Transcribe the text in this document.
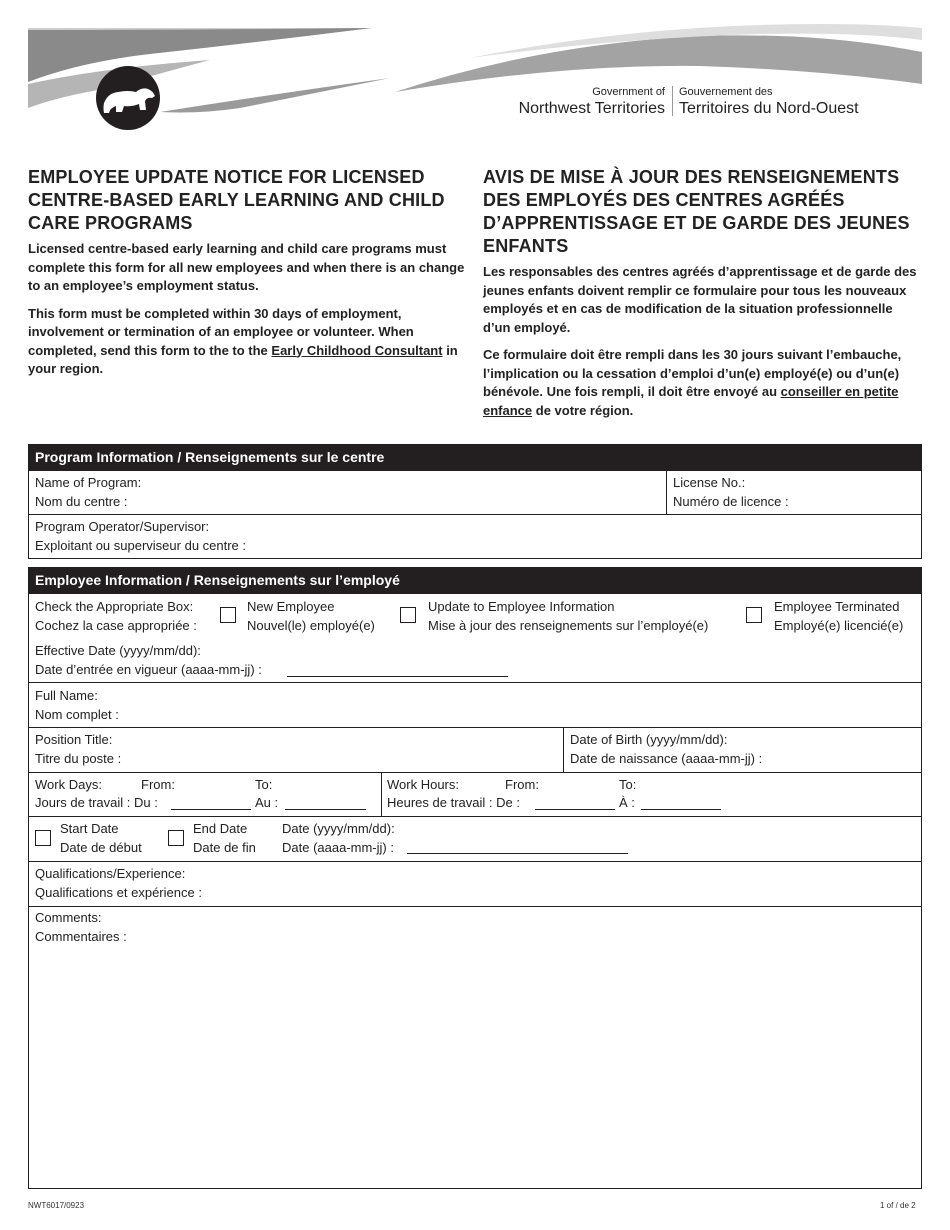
Government of
Northwest Territories
Gouvernement des
Territoires du Nord-Ouest
EMPLOYEE UPDATE NOTICE FOR LICENSED CENTRE-BASED EARLY LEARNING AND CHILD CARE PROGRAMS
AVIS DE MISE À JOUR DES RENSEIGNEMENTS DES EMPLOYÉS DES CENTRES AGRÉÉS D’APPRENTISSAGE ET DE GARDE DES JEUNES ENFANTS

Licensed centre-based early learning and child care programs must complete this form for all new employees and when there is an change to an employee’s employment status.

This form must be completed within 30 days of employment, involvement or termination of an employee or volunteer. When completed, send this form to the to the Early Childhood Consultant in your region.

Les responsables des centres agréés d’apprentissage et de garde des jeunes enfants doivent remplir ce formulaire pour tous les nouveaux employés et en cas de modification de la situation professionnelle d’un employé.

Ce formulaire doit être rempli dans les 30 jours suivant l’embauche, l’implication ou la cessation d’emploi d’un(e) employé(e) ou d’un(e) bénévole. Une fois rempli, il doit être envoyé au conseiller en petite enfance de votre région.

Program Information / Renseignements sur le centre
Name of Program:
Nom du centre :
License No.:
Numéro de licence :
Program Operator/Supervisor:
Exploitant ou superviseur du centre :
Employee Information / Renseignements sur l’employé
Check the Appropriate Box:
Cochez la case appropriée :
New Employee
Nouvel(le) employé(e)
Update to Employee Information
Mise à jour des renseignements sur l’employé(e)
Employee Terminated
Employé(e) licencié(e)
Effective Date (yyyy/mm/dd):
Date d’entrée en vigueur (aaaa-mm-jj) :
Full Name:
Nom complet :
Position Title:
Titre du poste :
Date of Birth (yyyy/mm/dd):
Date de naissance (aaaa-mm-jj) :
Work Days:	From:	To:
Jours de travail : Du :	Au :
Work Hours:	From:	To:
Heures de travail : De :	À :
Start Date
Date de début
End Date
Date de fin
Date (yyyy/mm/dd):
Date (aaaa-mm-jj) :
Qualifications/Experience:
Qualifications et expérience :
Comments:
Commentaires :
NWT6017/0923	1 of / de 2
